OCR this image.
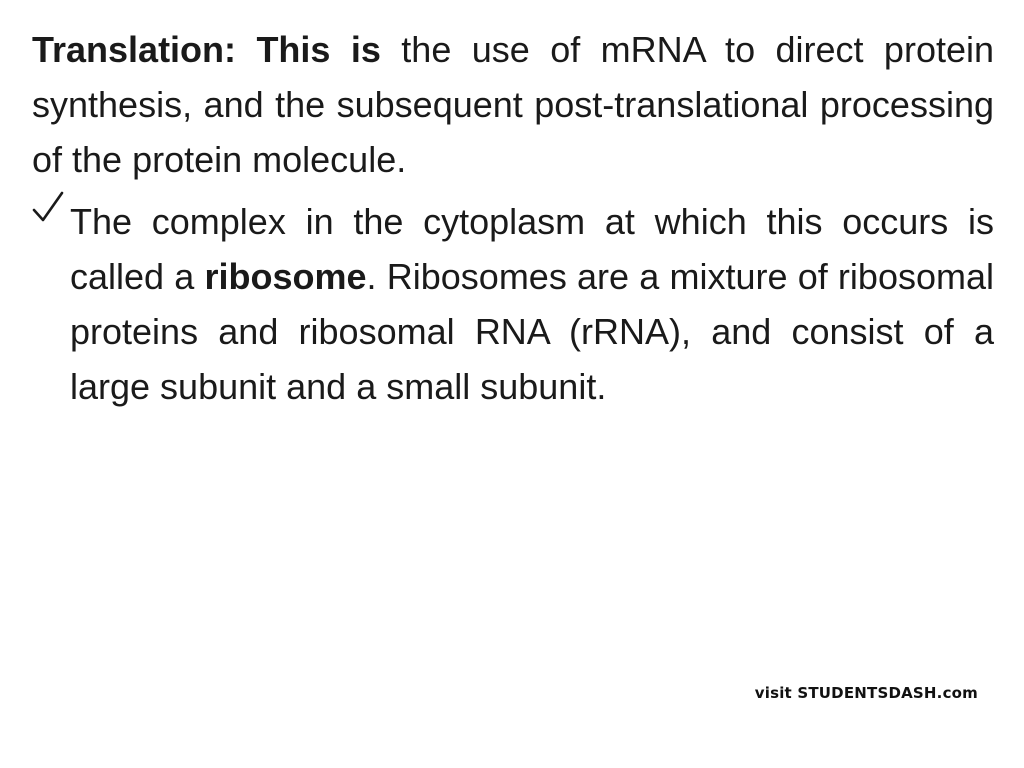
Translation: This is the use of mRNA to direct protein synthesis, and the subsequent post-translational processing of the protein molecule.

The complex in the cytoplasm at which this occurs is called a ribosome. Ribosomes are a mixture of ribosomal proteins and ribosomal RNA (rRNA), and consist of a large subunit and a small subunit.

visit STUDENTSDASH.com
